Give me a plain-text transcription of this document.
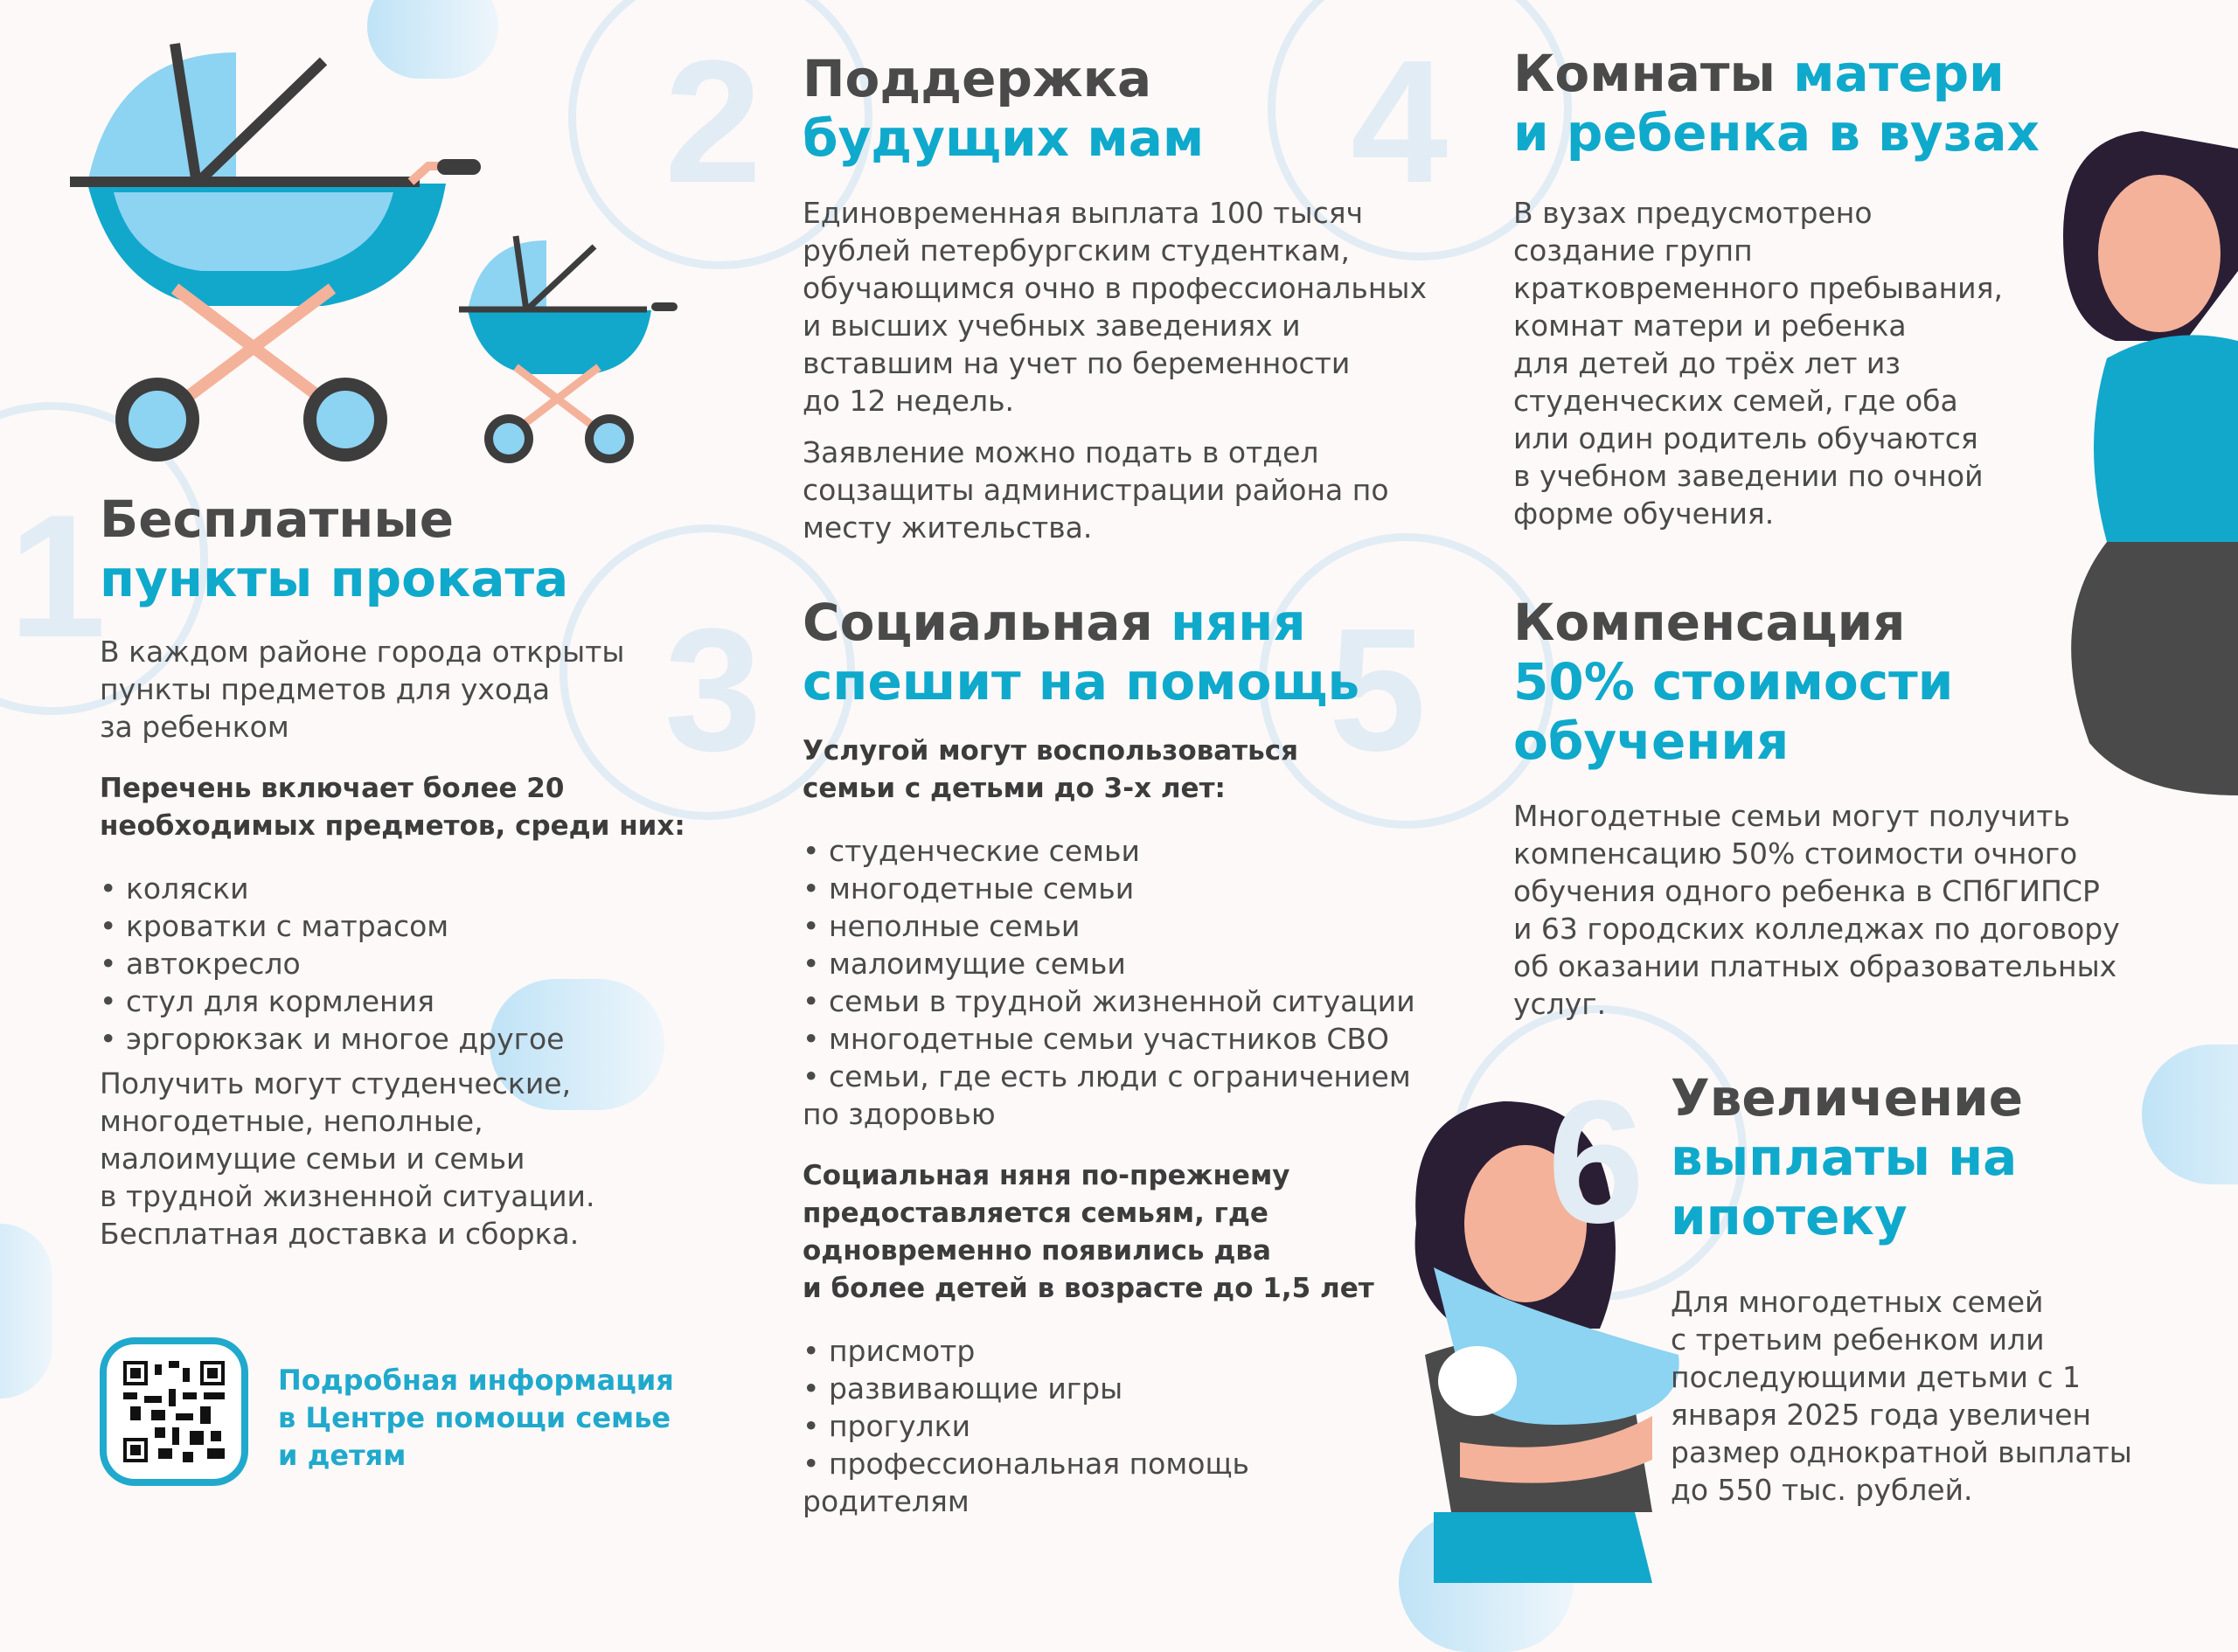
1
2
3
4
5
6
Бесплатные
пункты проката

В каждом районе города открыты
пункты предметов для ухода
за ребенком

Перечень включает более 20
необходимых предметов, среди них:

• коляски
• кроватки с матрасом
• автокресло
• стул для кормления
• эргорюкзак и многое другое

Получить могут студенческие,
многодетные, неполные,
малоимущие семьи и семьи
в трудной жизненной ситуации.
Бесплатная доставка и сборка.

Подробная информация
в Центре помощи семье
и детям

Поддержка
будущих мам

Единовременная выплата 100 тысяч
рублей петербургским студенткам,
обучающимся очно в профессиональных
и высших учебных заведениях и
вставшим на учет по беременности
до 12 недель.

Заявление можно подать в отдел
соцзащиты администрации района по
месту жительства.

Социальная няня
спешит на помощь

Услугой могут воспользоваться
семьи с детьми до 3-х лет:

• студенческие семьи
• многодетные семьи
• неполные семьи
• малоимущие семьи
• семьи в трудной жизненной ситуации
• многодетные семьи участников СВО
• семьи, где есть люди с ограничением по здоровью

Социальная няня по-прежнему
предоставляется семьям, где
одновременно появились два
и более детей в возрасте до 1,5 лет

• присмотр
• развивающие игры
• прогулки
• профессиональная помощь родителям
Комнаты матери
и ребенка в вузах

В вузах предусмотрено
создание групп
кратковременного пребывания,
комнат матери и ребенка
для детей до трёх лет из
студенческих семей, где оба
или один родитель обучаются
в учебном заведении по очной
форме обучения.

Компенсация
50% стоимости
обучения

Многодетные семьи могут получить
компенсацию 50% стоимости очного
обучения одного ребенка в СПбГИПСР
и 63 городских колледжах по договору
об оказании платных образовательных
услуг.

Увеличение
выплаты на
ипотеку

Для многодетных семей
с третьим ребенком или
последующими детьми с 1
января 2025 года увеличен
размер однократной выплаты
до 550 тыс. рублей.
